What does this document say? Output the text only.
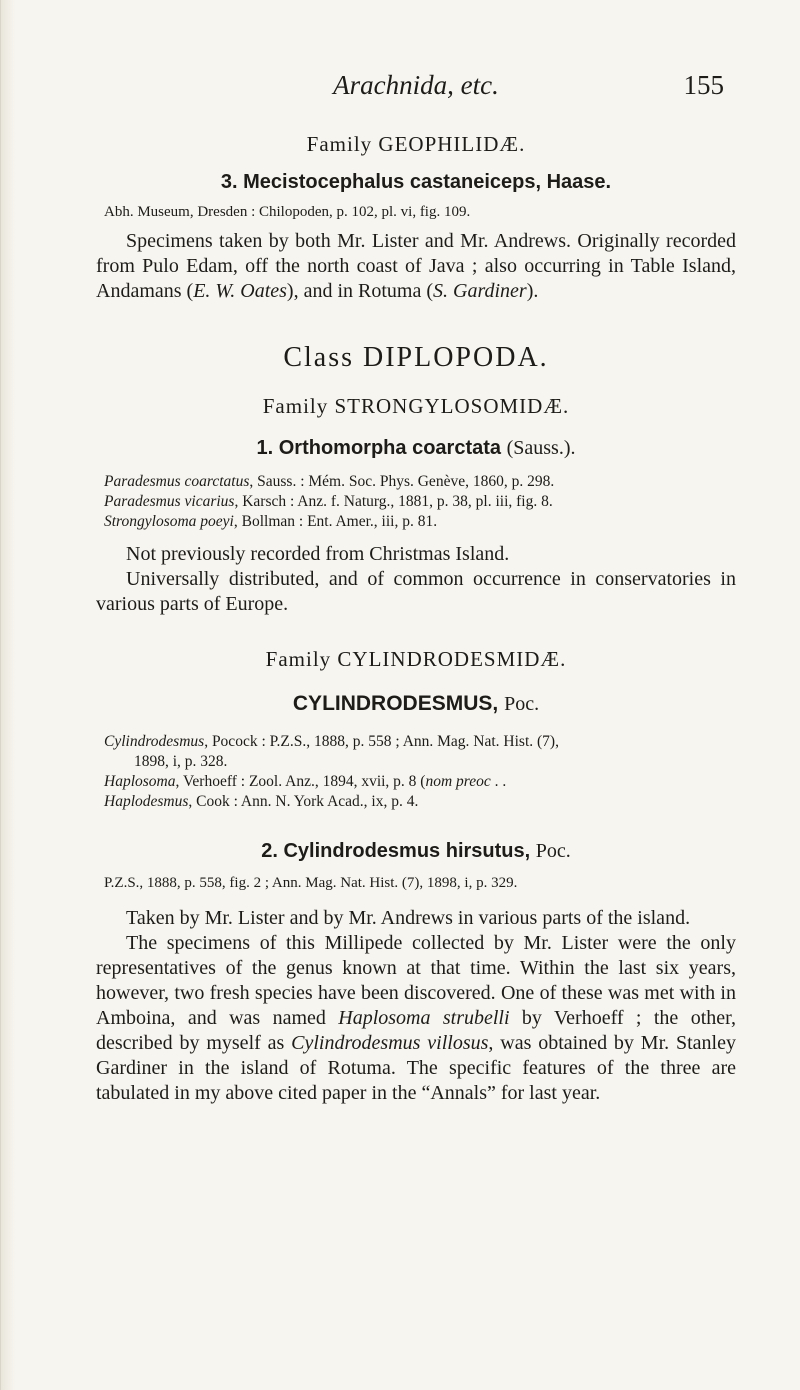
Arachnida, etc.	155
Family GEOPHILIDÆ.
3. Mecistocephalus castaneiceps, Haase.
Abh. Museum, Dresden : Chilopoden, p. 102, pl. vi, fig. 109.

Specimens taken by both Mr. Lister and Mr. Andrews. Originally recorded from Pulo Edam, off the north coast of Java ; also occurring in Table Island, Andamans (E. W. Oates), and in Rotuma (S. Gardiner).

Class DIPLOPODA.
Family STRONGYLOSOMIDÆ.
1. Orthomorpha coarctata (Sauss.).
Paradesmus coarctatus, Sauss. : Mém. Soc. Phys. Genève, 1860, p. 298.
Paradesmus vicarius, Karsch : Anz. f. Naturg., 1881, p. 38, pl. iii, fig. 8.
Strongylosoma poeyi, Bollman : Ent. Amer., iii, p. 81.

Not previously recorded from Christmas Island.

Universally distributed, and of common occurrence in conservatories in various parts of Europe.

Family CYLINDRODESMIDÆ.
CYLINDRODESMUS, Poc.
Cylindrodesmus, Pocock : P.Z.S., 1888, p. 558 ; Ann. Mag. Nat. Hist. (7),
1898, i, p. 328.
Haplosoma, Verhoeff : Zool. Anz., 1894, xvii, p. 8 (nom preoc . .
Haplodesmus, Cook : Ann. N. York Acad., ix, p. 4.
2. Cylindrodesmus hirsutus, Poc.
P.Z.S., 1888, p. 558, fig. 2 ; Ann. Mag. Nat. Hist. (7), 1898, i, p. 329.

Taken by Mr. Lister and by Mr. Andrews in various parts of the island.

The specimens of this Millipede collected by Mr. Lister were the only representatives of the genus known at that time. Within the last six years, however, two fresh species have been discovered. One of these was met with in Amboina, and was named Haplosoma strubelli by Verhoeff ; the other, described by myself as Cylindrodesmus villosus, was obtained by Mr. Stanley Gardiner in the island of Rotuma. The specific features of the three are tabulated in my above cited paper in the “Annals” for last year.
